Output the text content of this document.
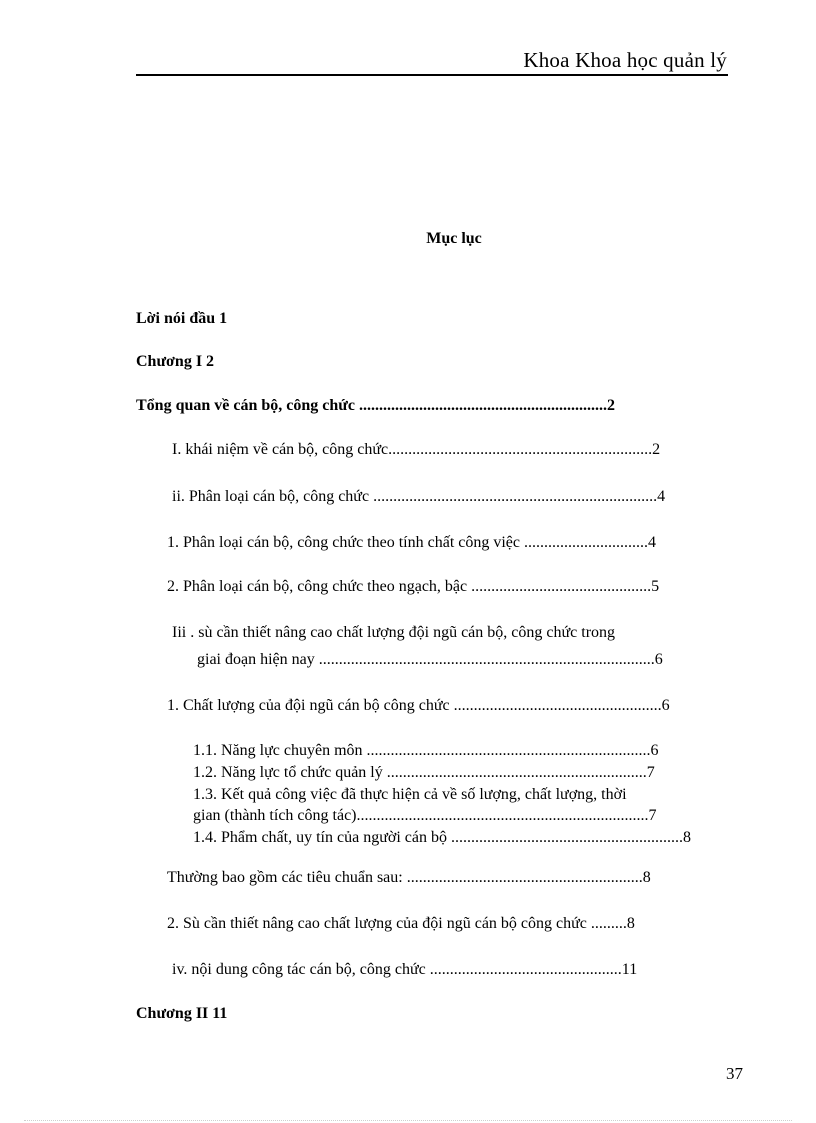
Khoa Khoa học quản lý
Mục lục
Lời nói đầu 1
Chương I 2
Tổng quan về cán bộ, công chức ..............................................................2
I. khái niệm về cán bộ, công chức..................................................................2
ii. Phân loại cán bộ, công chức .......................................................................4
1. Phân loại cán bộ, công chức theo tính chất công việc ...............................4
2. Phân loại cán bộ, công chức theo ngạch, bậc .............................................5
Iii . sù cần thiết nâng cao chất lượng đội ngũ cán bộ, công chức trong
giai đoạn hiện nay ....................................................................................6
1. Chất lượng của đội ngũ cán bộ công chức ....................................................6
1.1. Năng lực chuyên môn .......................................................................6
1.2. Năng lực tổ chức quản lý .................................................................7
1.3. Kết quả công việc đã thực hiện cả về số lượng, chất lượng, thời
gian (thành tích công tác).........................................................................7
1.4. Phẩm chất, uy tín của người cán bộ ..........................................................8
Thường bao gồm các tiêu chuẩn sau: ...........................................................8
2. Sù cần thiết nâng cao chất lượng của đội ngũ cán bộ công chức .........8
iv. nội dung công tác cán bộ, công chức ................................................11
Chương II 11
37
